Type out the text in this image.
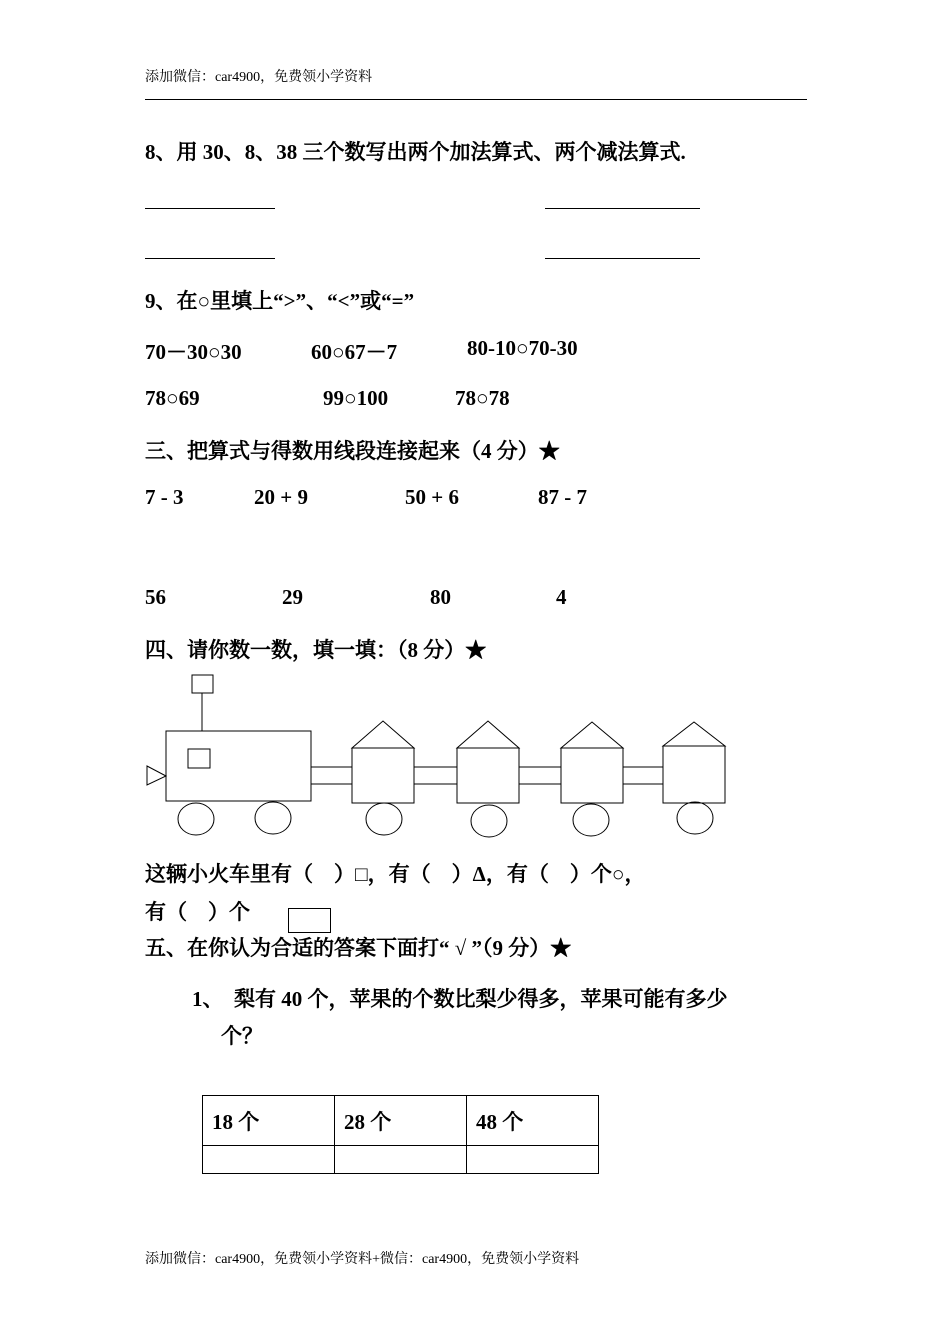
添加微信：car4900，免费领小学资料
8、用 30、8、38 三个数写出两个加法算式、两个减法算式.
9、在○里填上“>”、“<”或“=”
70－30○30	60○67－7	80-10○70-30
78○69	99○100	78○78
三、把算式与得数用线段连接起来（4 分）★
7 - 3	20 + 9	50 + 6	87 - 7
56	29	80	4
四、请你数一数，填一填：（8 分）★
这辆小火车里有（　）□，有（　）Δ，有（　）个○，
有（　）个
五、在你认为合适的答案下面打“ √ ”（9 分）★
1、　梨有 40 个，苹果的个数比梨少得多，苹果可能有多少
个？
18 个	28 个	48 个

添加微信：car4900，免费领小学资料+微信：car4900，免费领小学资料
